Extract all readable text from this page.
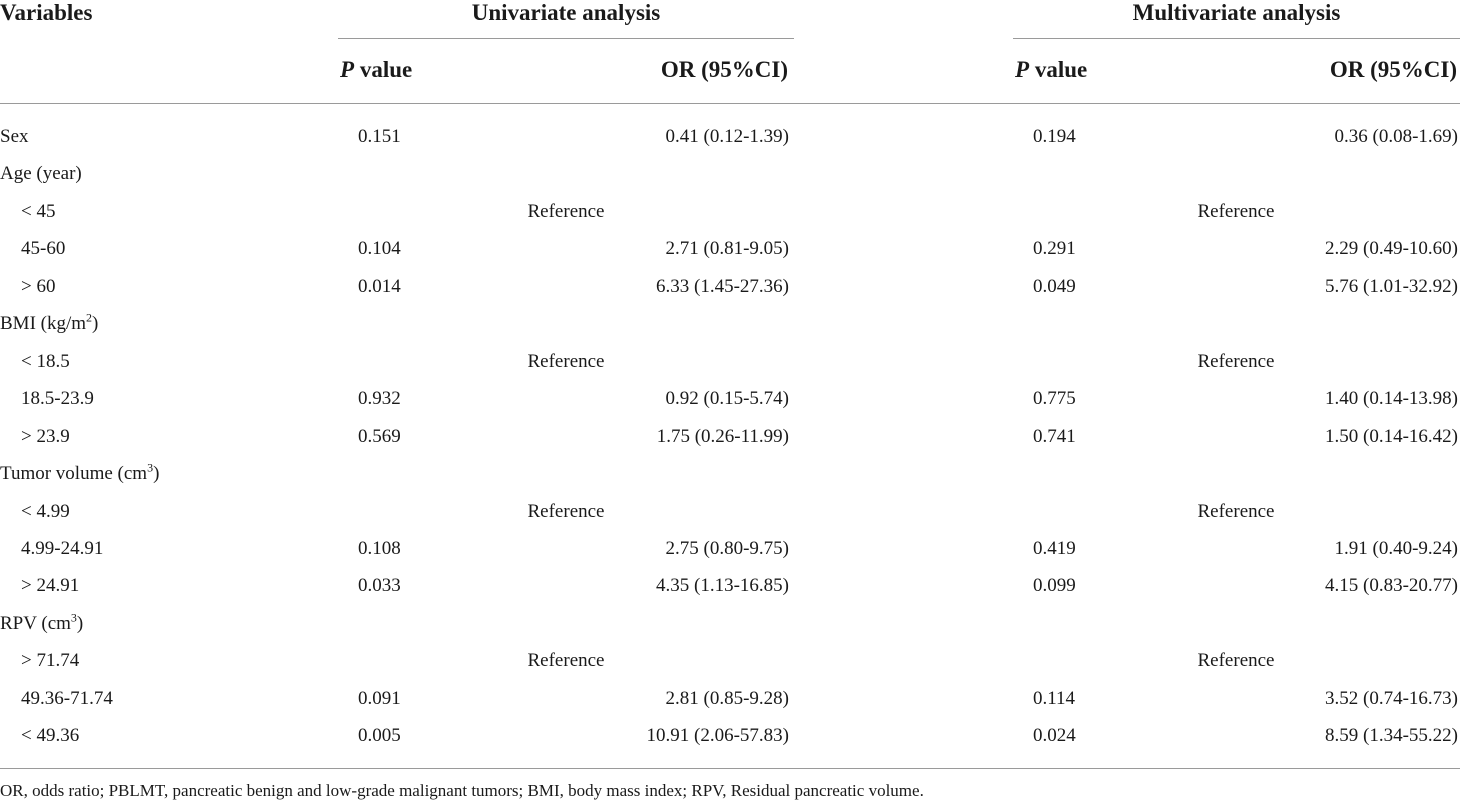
Variables	Univariate analysis	Multivariate analysis
P value	OR (95%CI)	P value	OR (95%CI)
Sex	0.151	0.41 (0.12-1.39)	0.194	0.36 (0.08-1.69)
Age (year)
< 45	Reference	Reference
45-60	0.104	2.71 (0.81-9.05)	0.291	2.29 (0.49-10.60)
> 60	0.014	6.33 (1.45-27.36)	0.049	5.76 (1.01-32.92)
BMI $(kg/m^2)$
< 18.5	Reference	Reference
18.5-23.9	0.932	0.92 (0.15-5.74)	0.775	1.40 (0.14-13.98)
> 23.9	0.569	1.75 (0.26-11.99)	0.741	1.50 (0.14-16.42)
Tumor volume $(cm^3)$
< 4.99	Reference	Reference
4.99-24.91	0.108	2.75 (0.80-9.75)	0.419	1.91 (0.40-9.24)
> 24.91	0.033	4.35 (1.13-16.85)	0.099	4.15 (0.83-20.77)
RPV $(cm^3)$
> 71.74	Reference	Reference
49.36-71.74	0.091	2.81 (0.85-9.28)	0.114	3.52 (0.74-16.73)
< 49.36	0.005	10.91 (2.06-57.83)	0.024	8.59 (1.34-55.22)
OR, odds ratio; PBLMT, pancreatic benign and low-grade malignant tumors; BMI, body mass index; RPV, Residual pancreatic volume.
